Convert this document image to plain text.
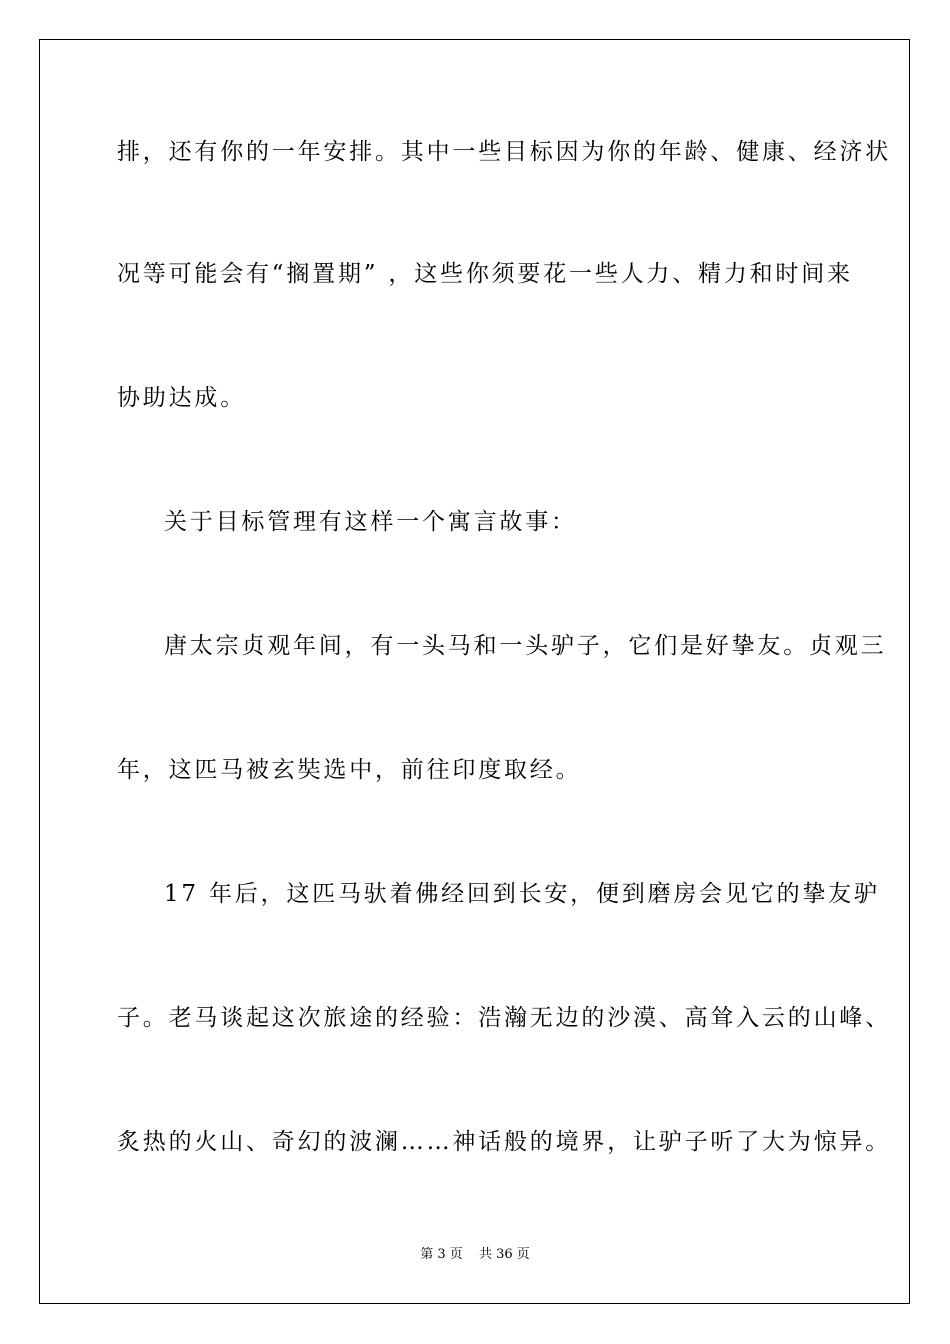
排，还有你的一年安排。其中一些目标因为你的年龄、健康、经济状
况等可能会有“搁置期” ，这些你须要花一些人力、精力和时间来
协助达成。
关于目标管理有这样一个寓言故事：
唐太宗贞观年间，有一头马和一头驴子，它们是好挚友。贞观三
年，这匹马被玄奘选中，前往印度取经。
17 年后，这匹马驮着佛经回到长安，便到磨房会见它的挚友驴
子。老马谈起这次旅途的经验：浩瀚无边的沙漠、高耸入云的山峰、
炙热的火山、奇幻的波澜……神话般的境界，让驴子听了大为惊异。
第 3 页 共 36 页
